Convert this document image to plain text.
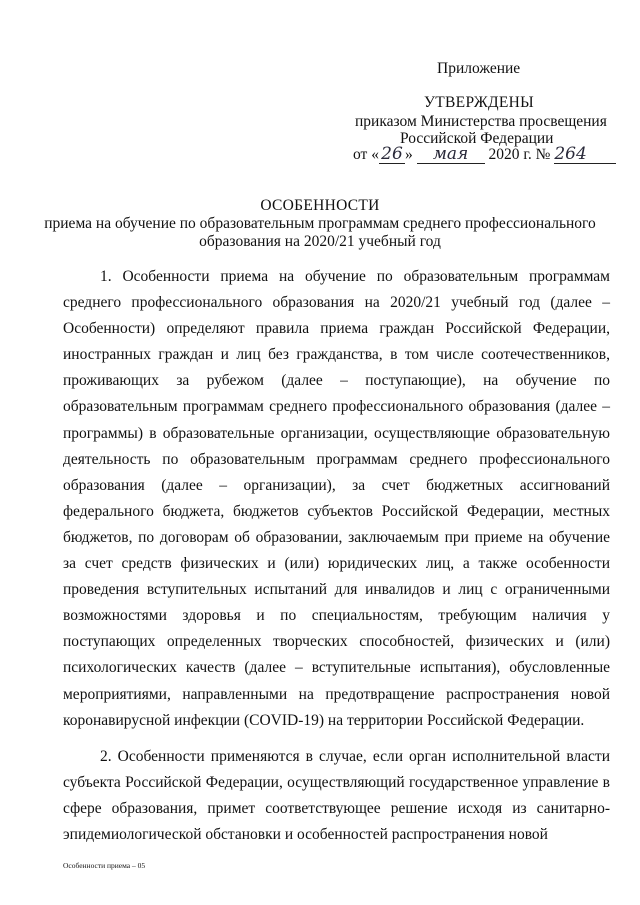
Приложение
УТВЕРЖДЕНЫ
приказом Министерства просвещения
Российской Федерации
от « 26 » мая 2020 г. № 264
ОСОБЕННОСТИ
приема на обучение по образовательным программам среднего профессионального
образования на 2020/21 учебный год

1. Особенности приема на обучение по образовательным программам среднего профессионального образования на 2020/21 учебный год (далее – Особенности) определяют правила приема граждан Российской Федерации, иностранных граждан и лиц без гражданства, в том числе соотечественников, проживающих за рубежом (далее – поступающие), на обучение по образовательным программам среднего профессионального образования (далее – программы) в образовательные организации, осуществляющие образовательную деятельность по образовательным программам среднего профессионального образования (далее – организации), за счет бюджетных ассигнований федерального бюджета, бюджетов субъектов Российской Федерации, местных бюджетов, по договорам об образовании, заключаемым при приеме на обучение за счет средств физических и (или) юридических лиц, а также особенности проведения вступительных испытаний для инвалидов и лиц с ограниченными возможностями здоровья и по специальностям, требующим наличия у поступающих определенных творческих способностей, физических и (или) психологических качеств (далее – вступительные испытания), обусловленные мероприятиями, направленными на предотвращение распространения новой коронавирусной инфекции (COVID-19) на территории Российской Федерации.

2. Особенности применяются в случае, если орган исполнительной власти субъекта Российской Федерации, осуществляющий государственное управление в сфере образования, примет соответствующее решение исходя из санитарно-эпидемиологической обстановки и особенностей распространения новой

Особенности приема – 05
